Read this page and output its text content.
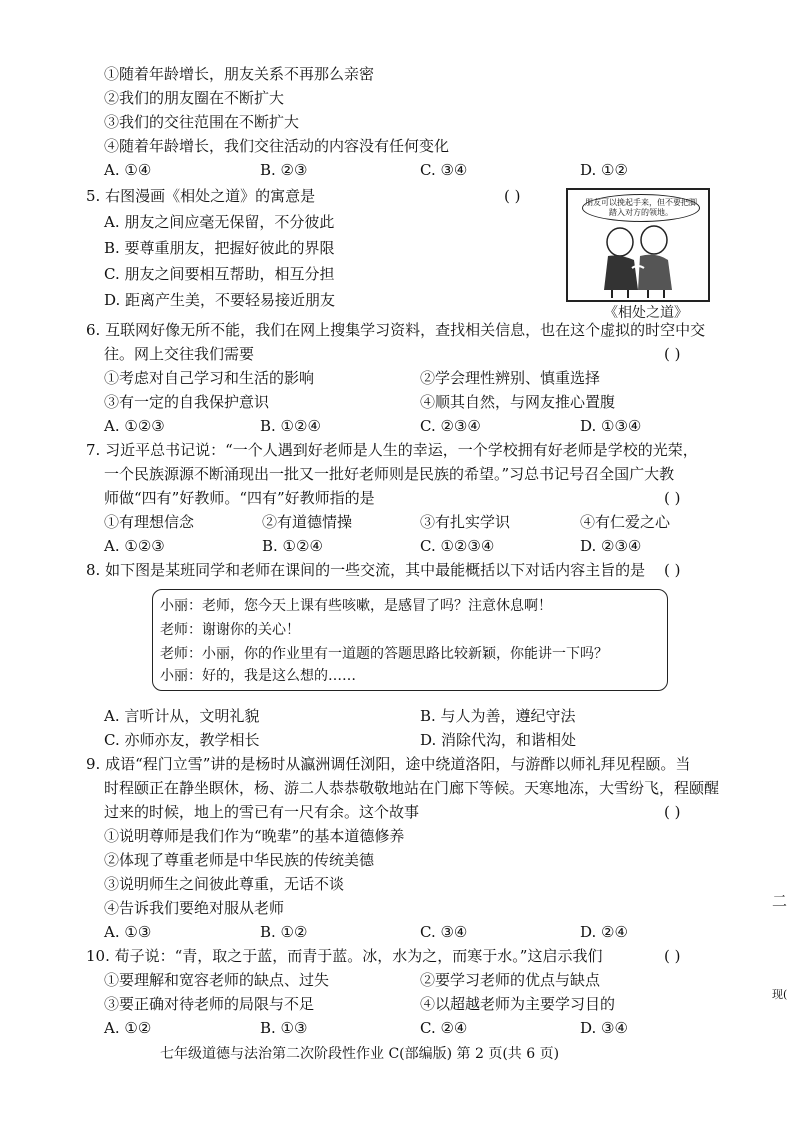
①随着年龄增长，朋友关系不再那么亲密
②我们的朋友圈在不断扩大
③我们的交往范围在不断扩大
④随着年龄增长，我们交往活动的内容没有任何变化
A. ①④	B. ②③	C. ③④	D. ①②
5. 右图漫画《相处之道》的寓意是	( )
A. 朋友之间应毫无保留，不分彼此
B. 要尊重朋友，把握好彼此的界限
C. 朋友之间要相互帮助，相互分担
D. 距离产生美，不要轻易接近朋友
朋友可以挽起手来，但不要把脚踏入对方的领地。
《相处之道》
6. 互联网好像无所不能，我们在网上搜集学习资料，查找相关信息，也在这个虚拟的时空中交
往。网上交往我们需要	( )
①考虑对自己学习和生活的影响	②学会理性辨别、慎重选择
③有一定的自我保护意识	④顺其自然，与网友推心置腹
A. ①②③	B. ①②④	C. ②③④	D. ①③④
7. 习近平总书记说：“一个人遇到好老师是人生的幸运，一个学校拥有好老师是学校的光荣，
一个民族源源不断涌现出一批又一批好老师则是民族的希望。”习总书记号召全国广大教
师做“四有”好教师。“四有”好教师指的是	( )
①有理想信念	②有道德情操	③有扎实学识	④有仁爱之心
A. ①②③	B. ①②④	C. ①②③④	D. ②③④
8. 如下图是某班同学和老师在课间的一些交流，其中最能概括以下对话内容主旨的是 ( )
小丽：老师，您今天上课有些咳嗽，是感冒了吗？注意休息啊！
老师：谢谢你的关心！
老师：小丽，你的作业里有一道题的答题思路比较新颖，你能讲一下吗？
小丽：好的，我是这么想的……
A. 言听计从，文明礼貌	B. 与人为善，遵纪守法
C. 亦师亦友，教学相长	D. 消除代沟，和谐相处
9. 成语“程门立雪”讲的是杨时从瀛洲调任浏阳，途中绕道洛阳，与游酢以师礼拜见程颐。当
时程颐正在静坐瞑休，杨、游二人恭恭敬敬地站在门廊下等候。天寒地冻，大雪纷飞，程颐醒
过来的时候，地上的雪已有一尺有余。这个故事	( )
①说明尊师是我们作为“晚辈”的基本道德修养
②体现了尊重老师是中华民族的传统美德
③说明师生之间彼此尊重，无话不谈
④告诉我们要绝对服从老师
A. ①③	B. ①②	C. ③④	D. ②④
10. 荀子说：“青，取之于蓝，而青于蓝。冰，水为之，而寒于水。”这启示我们	( )
①要理解和宽容老师的缺点、过失	②要学习老师的优点与缺点
③要正确对待老师的局限与不足	④以超越老师为主要学习目的
A. ①②	B. ①③	C. ②④	D. ③④
七年级道德与法治第二次阶段性作业 C(部编版) 第 2 页(共 6 页)
二
现(
